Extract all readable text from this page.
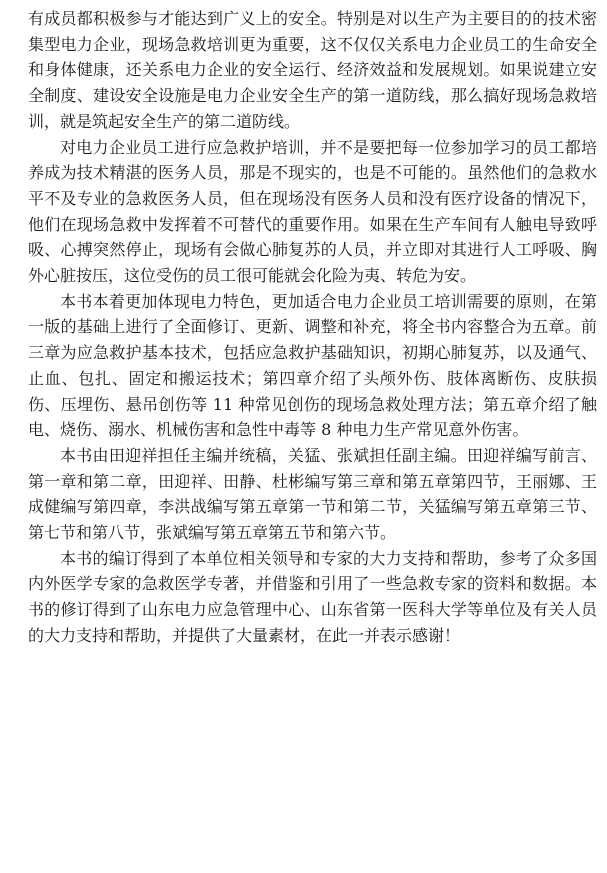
有成员都积极参与才能达到广义上的安全。特别是对以生产为主要目的的技术密集型电力企业，现场急救培训更为重要，这不仅仅关系电力企业员工的生命安全和身体健康，还关系电力企业的安全运行、经济效益和发展规划。如果说建立安全制度、建设安全设施是电力企业安全生产的第一道防线，那么搞好现场急救培训，就是筑起安全生产的第二道防线。

对电力企业员工进行应急救护培训，并不是要把每一位参加学习的员工都培养成为技术精湛的医务人员，那是不现实的，也是不可能的。虽然他们的急救水平不及专业的急救医务人员，但在现场没有医务人员和没有医疗设备的情况下，他们在现场急救中发挥着不可替代的重要作用。如果在生产车间有人触电导致呼吸、心搏突然停止，现场有会做心肺复苏的人员，并立即对其进行人工呼吸、胸外心脏按压，这位受伤的员工很可能就会化险为夷、转危为安。

本书本着更加体现电力特色，更加适合电力企业员工培训需要的原则，在第一版的基础上进行了全面修订、更新、调整和补充，将全书内容整合为五章。前三章为应急救护基本技术，包括应急救护基础知识，初期心肺复苏，以及通气、止血、包扎、固定和搬运技术；第四章介绍了头颅外伤、肢体离断伤、皮肤损伤、压埋伤、悬吊创伤等 11 种常见创伤的现场急救处理方法；第五章介绍了触电、烧伤、溺水、机械伤害和急性中毒等 8 种电力生产常见意外伤害。

本书由田迎祥担任主编并统稿，关猛、张斌担任副主编。田迎祥编写前言、第一章和第二章，田迎祥、田静、杜彬编写第三章和第五章第四节，王丽娜、王成健编写第四章，李洪战编写第五章第一节和第二节，关猛编写第五章第三节、第七节和第八节，张斌编写第五章第五节和第六节。

本书的编订得到了本单位相关领导和专家的大力支持和帮助，参考了众多国内外医学专家的急救医学专著，并借鉴和引用了一些急救专家的资料和数据。本书的修订得到了山东电力应急管理中心、山东省第一医科大学等单位及有关人员的大力支持和帮助，并提供了大量素材，在此一并表示感谢！
